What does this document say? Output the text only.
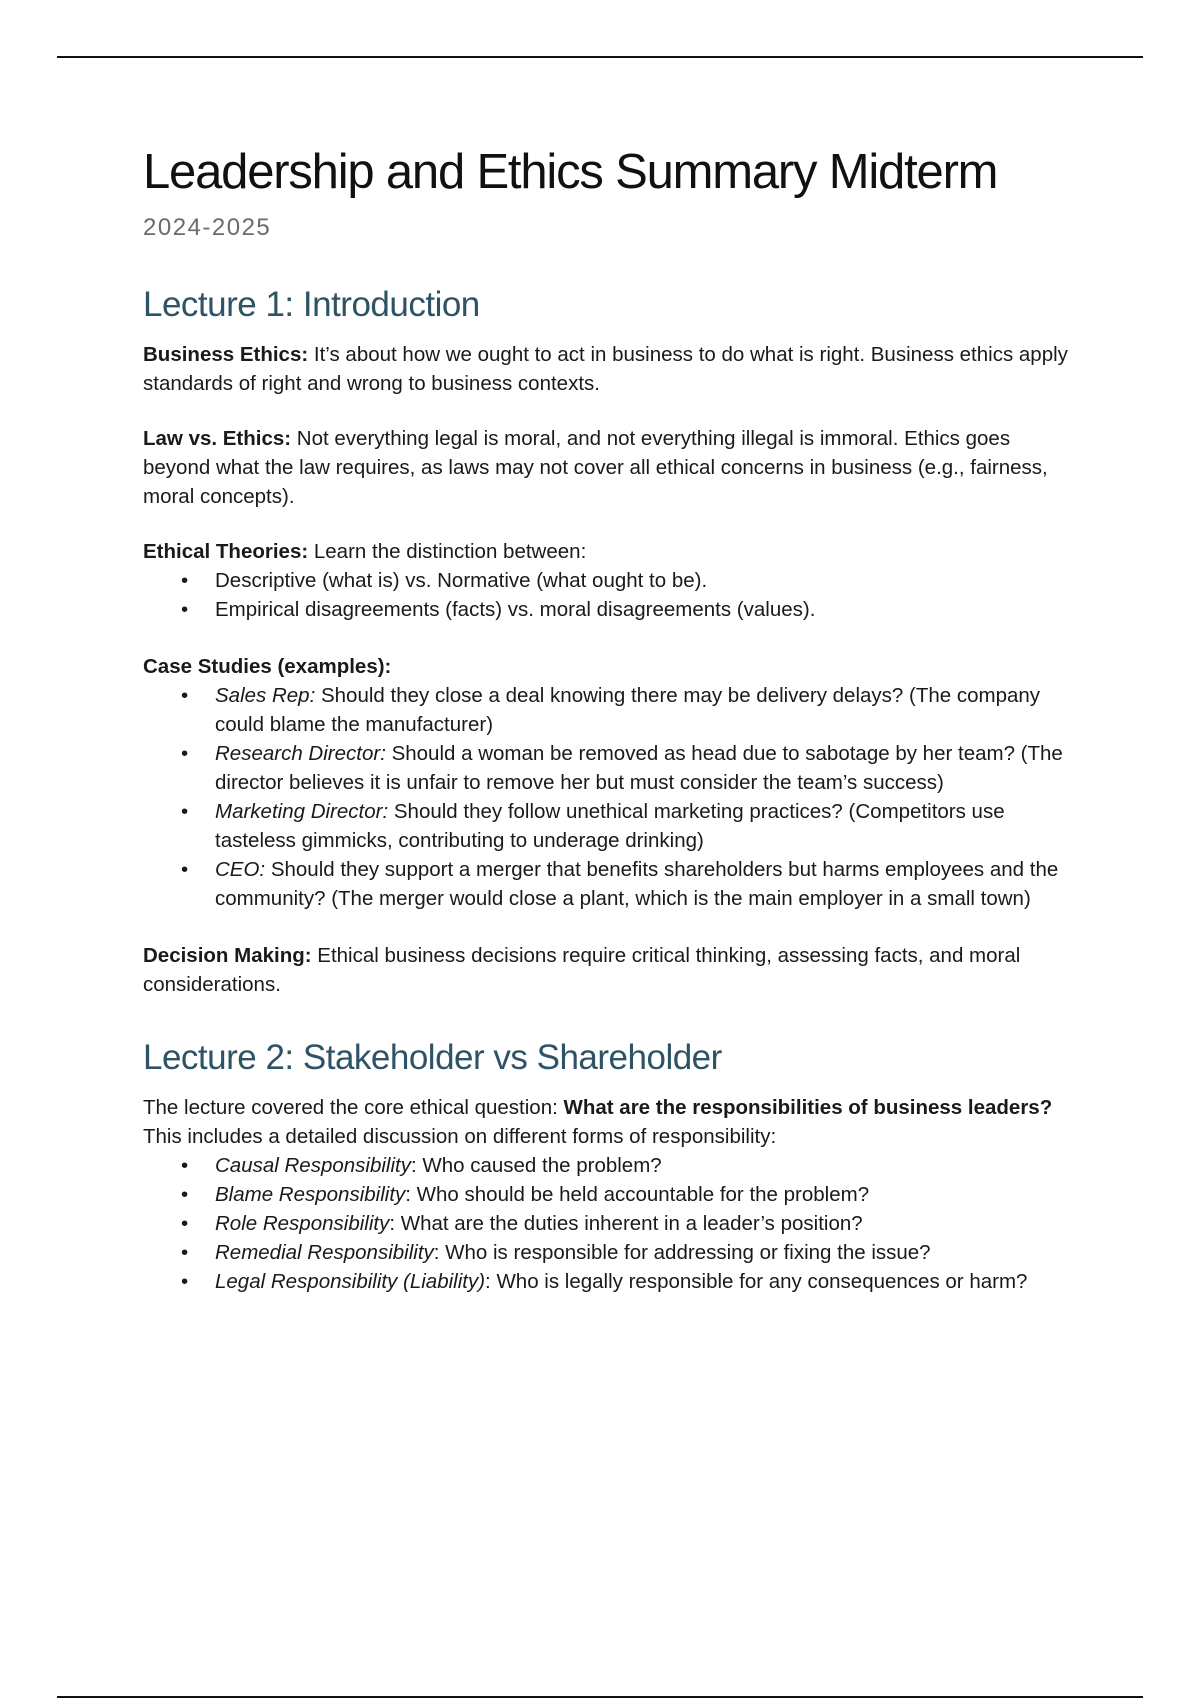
Leadership and Ethics Summary Midterm
2024-2025
Lecture 1: Introduction

Business Ethics: It’s about how we ought to act in business to do what is right. Business ethics apply standards of right and wrong to business contexts.

Law vs. Ethics: Not everything legal is moral, and not everything illegal is immoral. Ethics goes beyond what the law requires, as laws may not cover all ethical concerns in business (e.g., fairness, moral concepts).

Ethical Theories: Learn the distinction between:

• Descriptive (what is) vs. Normative (what ought to be).
• Empirical disagreements (facts) vs. moral disagreements (values).

Case Studies (examples):

• Sales Rep: Should they close a deal knowing there may be delivery delays? (The company could blame the manufacturer)
• Research Director: Should a woman be removed as head due to sabotage by her team? (The director believes it is unfair to remove her but must consider the team’s success)
• Marketing Director: Should they follow unethical marketing practices? (Competitors use tasteless gimmicks, contributing to underage drinking)
• CEO: Should they support a merger that benefits shareholders but harms employees and the community? (The merger would close a plant, which is the main employer in a small town)

Decision Making: Ethical business decisions require critical thinking, assessing facts, and moral considerations.

Lecture 2: Stakeholder vs Shareholder

The lecture covered the core ethical question: What are the responsibilities of business leaders? This includes a detailed discussion on different forms of responsibility:

• Causal Responsibility: Who caused the problem?
• Blame Responsibility: Who should be held accountable for the problem?
• Role Responsibility: What are the duties inherent in a leader’s position?
• Remedial Responsibility: Who is responsible for addressing or fixing the issue?
• Legal Responsibility (Liability): Who is legally responsible for any consequences or harm?
